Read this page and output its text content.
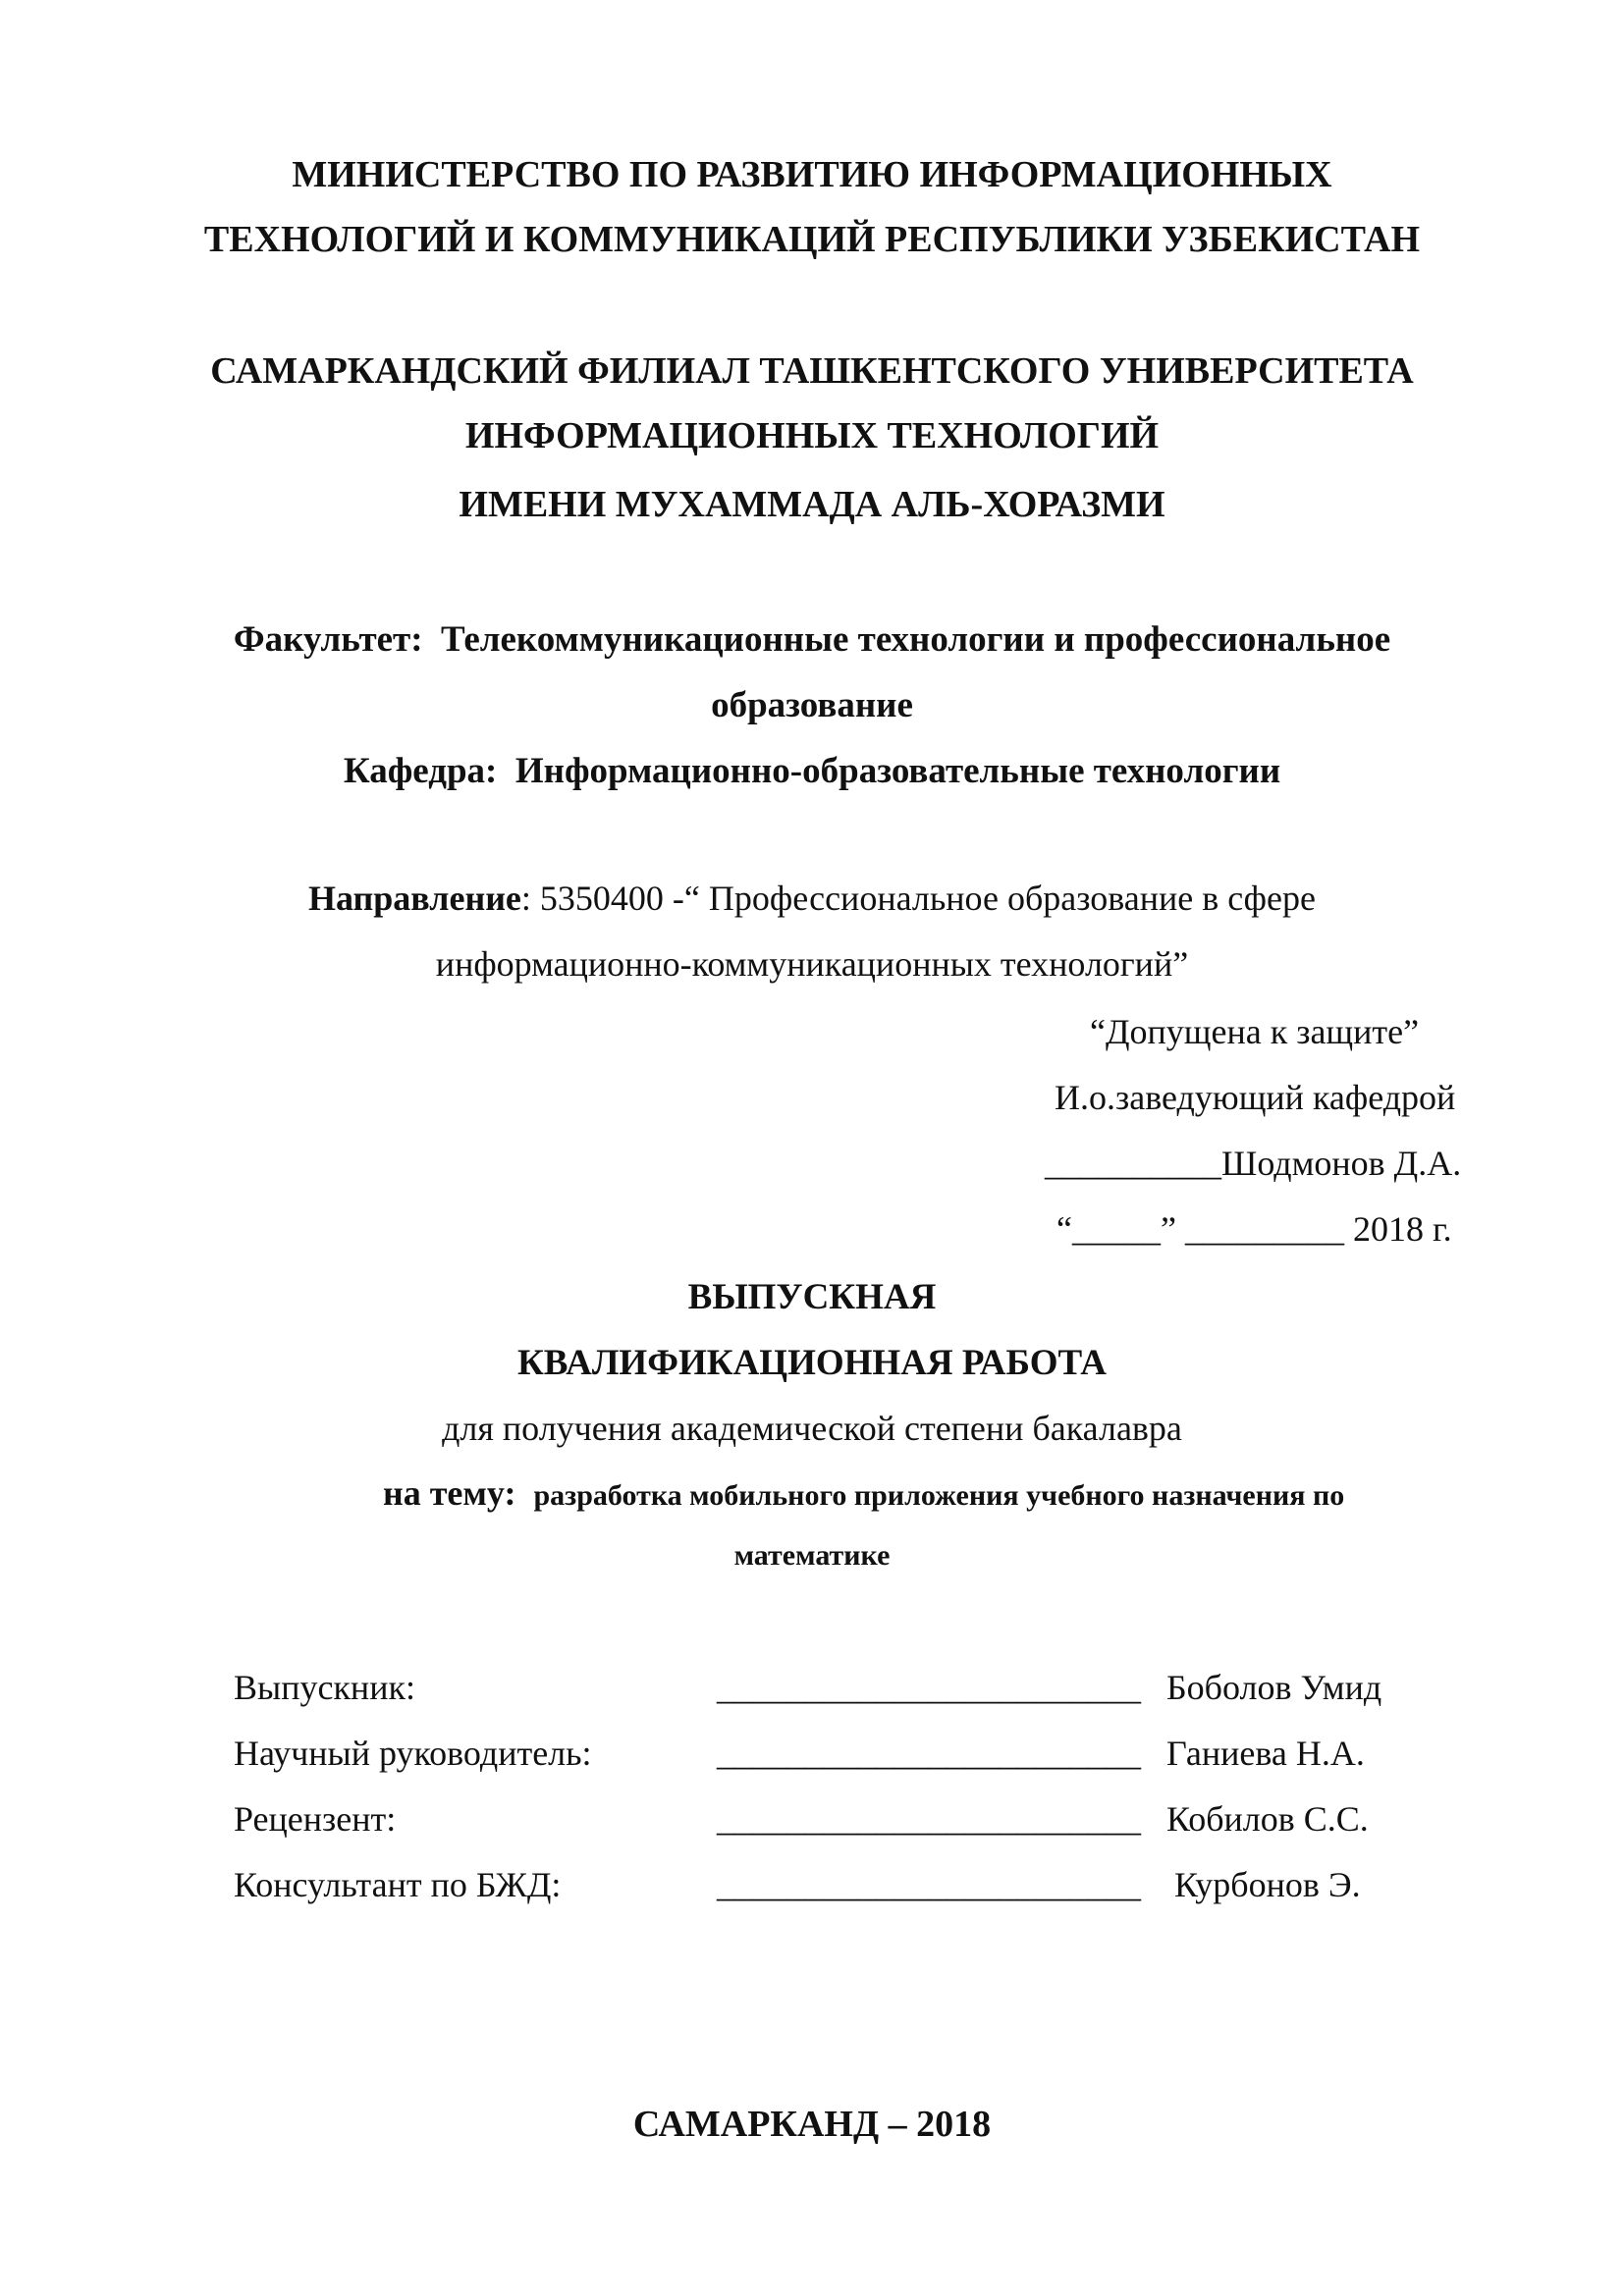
МИНИСТЕРСТВО ПО РАЗВИТИЮ ИНФОРМАЦИОННЫХ
ТЕХНОЛОГИЙ И КОММУНИКАЦИЙ РЕСПУБЛИКИ УЗБЕКИСТАН
САМАРКАНДСКИЙ ФИЛИАЛ ТАШКЕНТСКОГО УНИВЕРСИТЕТА
ИНФОРМАЦИОННЫХ ТЕХНОЛОГИЙ
ИМЕНИ МУХАММАДА АЛЬ-ХОРАЗМИ
Факультет: Телекоммуникационные технологии и профессиональное
образование
Кафедра: Информационно-образовательные технологии
Направление: 5350400 -“ Профессиональное образование в сфере
информационно-коммуникационных технологий”
“Допущена к защите”
И.о.заведующий кафедрой
__________Шодмонов Д.А.
“_____” _________ 2018 г.
ВЫПУСКНАЯ
КВАЛИФИКАЦИОННАЯ РАБОТА
для получения академической степени бакалавра
на тему: разработка мобильного приложения учебного назначения по
математике
Выпускник:	________________________ Боболов Умид
Научный руководитель:	________________________ Ганиева Н.А.
Рецензент:	________________________ Кобилов С.С.
Консультант по БЖД:	________________________ Курбонов Э.
САМАРКАНД – 2018
